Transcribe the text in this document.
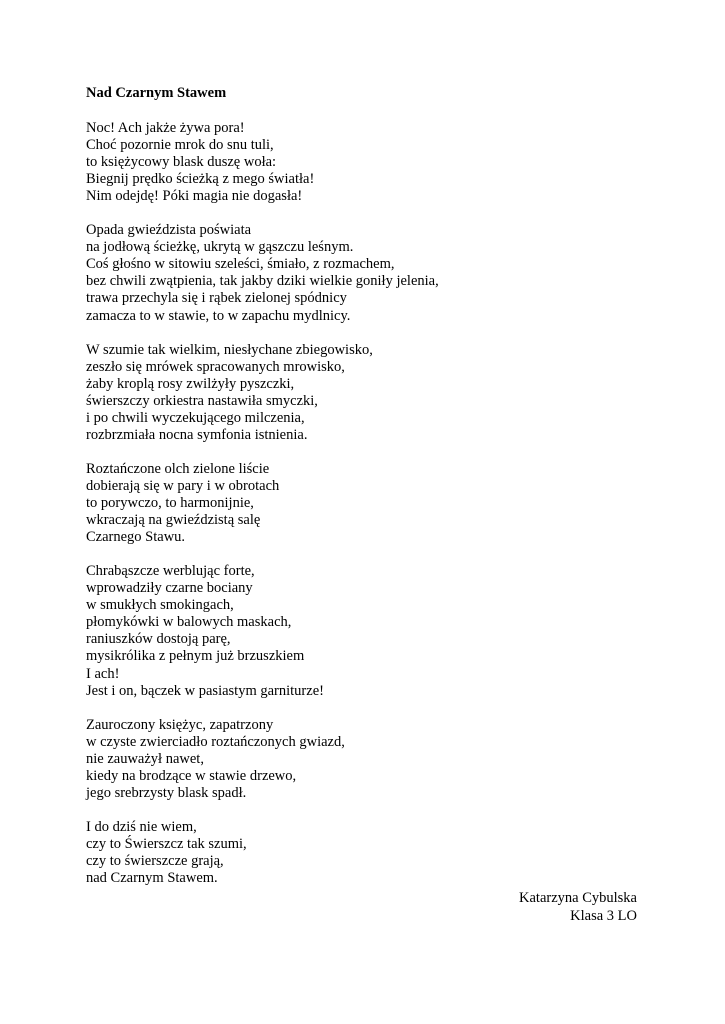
Nad Czarnym Stawem

Noc! Ach jakże żywa pora!
Choć pozornie mrok do snu tuli,
to księżycowy blask duszę woła:
Biegnij prędko ścieżką z mego światła!
Nim odejdę! Póki magia nie dogasła!

Opada gwieździsta poświata
na jodłową ścieżkę, ukrytą w gąszczu leśnym.
Coś głośno w sitowiu szeleści, śmiało, z rozmachem,
bez chwili zwątpienia, tak jakby dziki wielkie goniły jelenia,
trawa przechyla się i rąbek zielonej spódnicy
zamacza to w stawie, to w zapachu mydlnicy.

W szumie tak wielkim, niesłychane zbiegowisko,
zeszło się mrówek spracowanych mrowisko,
żaby kroplą rosy zwilżyły pyszczki,
świerszczy orkiestra nastawiła smyczki,
i po chwili wyczekującego milczenia,
rozbrzmiała nocna symfonia istnienia.

Roztańczone olch zielone liście
dobierają się w pary i w obrotach
to porywczo, to harmonijnie,
wkraczają na gwieździstą salę
Czarnego Stawu.

Chrabąszcze werblując forte,
wprowadziły czarne bociany
w smukłych smokingach,
płomykówki w balowych maskach,
raniuszków dostoją parę,
mysikrólika z pełnym już brzuszkiem
I ach!
Jest i on, bączek w pasiastym garniturze!

Zauroczony księżyc, zapatrzony
w czyste zwierciadło roztańczonych gwiazd,
nie zauważył nawet,
kiedy na brodzące w stawie drzewo,
jego srebrzysty blask spadł.

I do dziś nie wiem,
czy to Świerszcz tak szumi,
czy to świerszcze grają,
nad Czarnym Stawem.

Katarzyna Cybulska
Klasa 3 LO
